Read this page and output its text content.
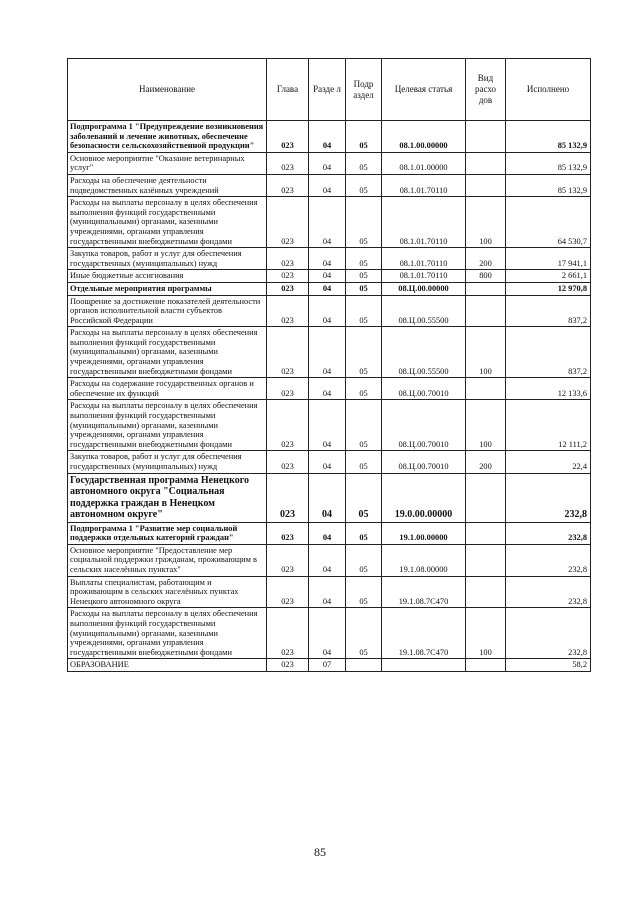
Наименование	Глава	Разде л	Подр аздел	Целевая статья	Вид расхо дов	Исполнено
Подпрограмма 1 "Предупреждение возникновения заболеваний и лечение животных, обеспечение безопасности сельскохозяйственной продукции"	023	04	05	08.1.00.00000		85 132,9
Основное мероприятие "Оказание ветеринарных услуг"	023	04	05	08.1.01.00000		85 132,9
Расходы на обеспечение деятельности подведомственных казённых учреждений	023	04	05	08.1.01.70110		85 132,9
Расходы на выплаты персоналу в целях обеспечения выполнения функций государственными (муниципальными) органами, казенными учреждениями, органами управления государственными внебюджетными фондами	023	04	05	08.1.01.70110	100	64 530,7
Закупка товаров, работ и услуг для обеспечения государственных (муниципальных) нужд	023	04	05	08.1.01.70110	200	17 941,1
Иные бюджетные ассигнования	023	04	05	08.1.01.70110	800	2 661,1
Отдельные мероприятия программы	023	04	05	08.Ц.00.00000		12 970,8
Поощрение за достижение показателей деятельности органов исполнительной власти субъектов Российской Федерации	023	04	05	08.Ц.00.55500		837,2
Расходы на выплаты персоналу в целях обеспечения выполнения функций государственными (муниципальными) органами, казенными учреждениями, органами управления государственными внебюджетными фондами	023	04	05	08.Ц.00.55500	100	837,2
Расходы на содержание государственных органов и обеспечение их функций	023	04	05	08.Ц.00.70010		12 133,6
Расходы на выплаты персоналу в целях обеспечения выполнения функций государственными (муниципальными) органами, казенными учреждениями, органами управления государственными внебюджетными фондами	023	04	05	08.Ц.00.70010	100	12 111,2
Закупка товаров, работ и услуг для обеспечения государственных (муниципальных) нужд	023	04	05	08.Ц.00.70010	200	22,4
Государственная программа Ненецкого автономного округа "Социальная поддержка граждан в Ненецком автономном округе"	023	04	05	19.0.00.00000		232,8
Подпрограмма 1 "Развитие мер социальной поддержки отдельных категорий граждан"	023	04	05	19.1.00.00000		232,8
Основное мероприятие "Предоставление мер социальной поддержки гражданам, проживающим в сельских населённых пунктах"	023	04	05	19.1.08.00000		232,8
Выплаты специалистам, работающим и проживающим в сельских населённых пунктах Ненецкого автономного округа	023	04	05	19.1.08.7С470		232,8
Расходы на выплаты персоналу в целях обеспечения выполнения функций государственными (муниципальными) органами, казенными учреждениями, органами управления государственными внебюджетными фондами	023	04	05	19.1.08.7С470	100	232,8
ОБРАЗОВАНИЕ	023	07				58,2
85
